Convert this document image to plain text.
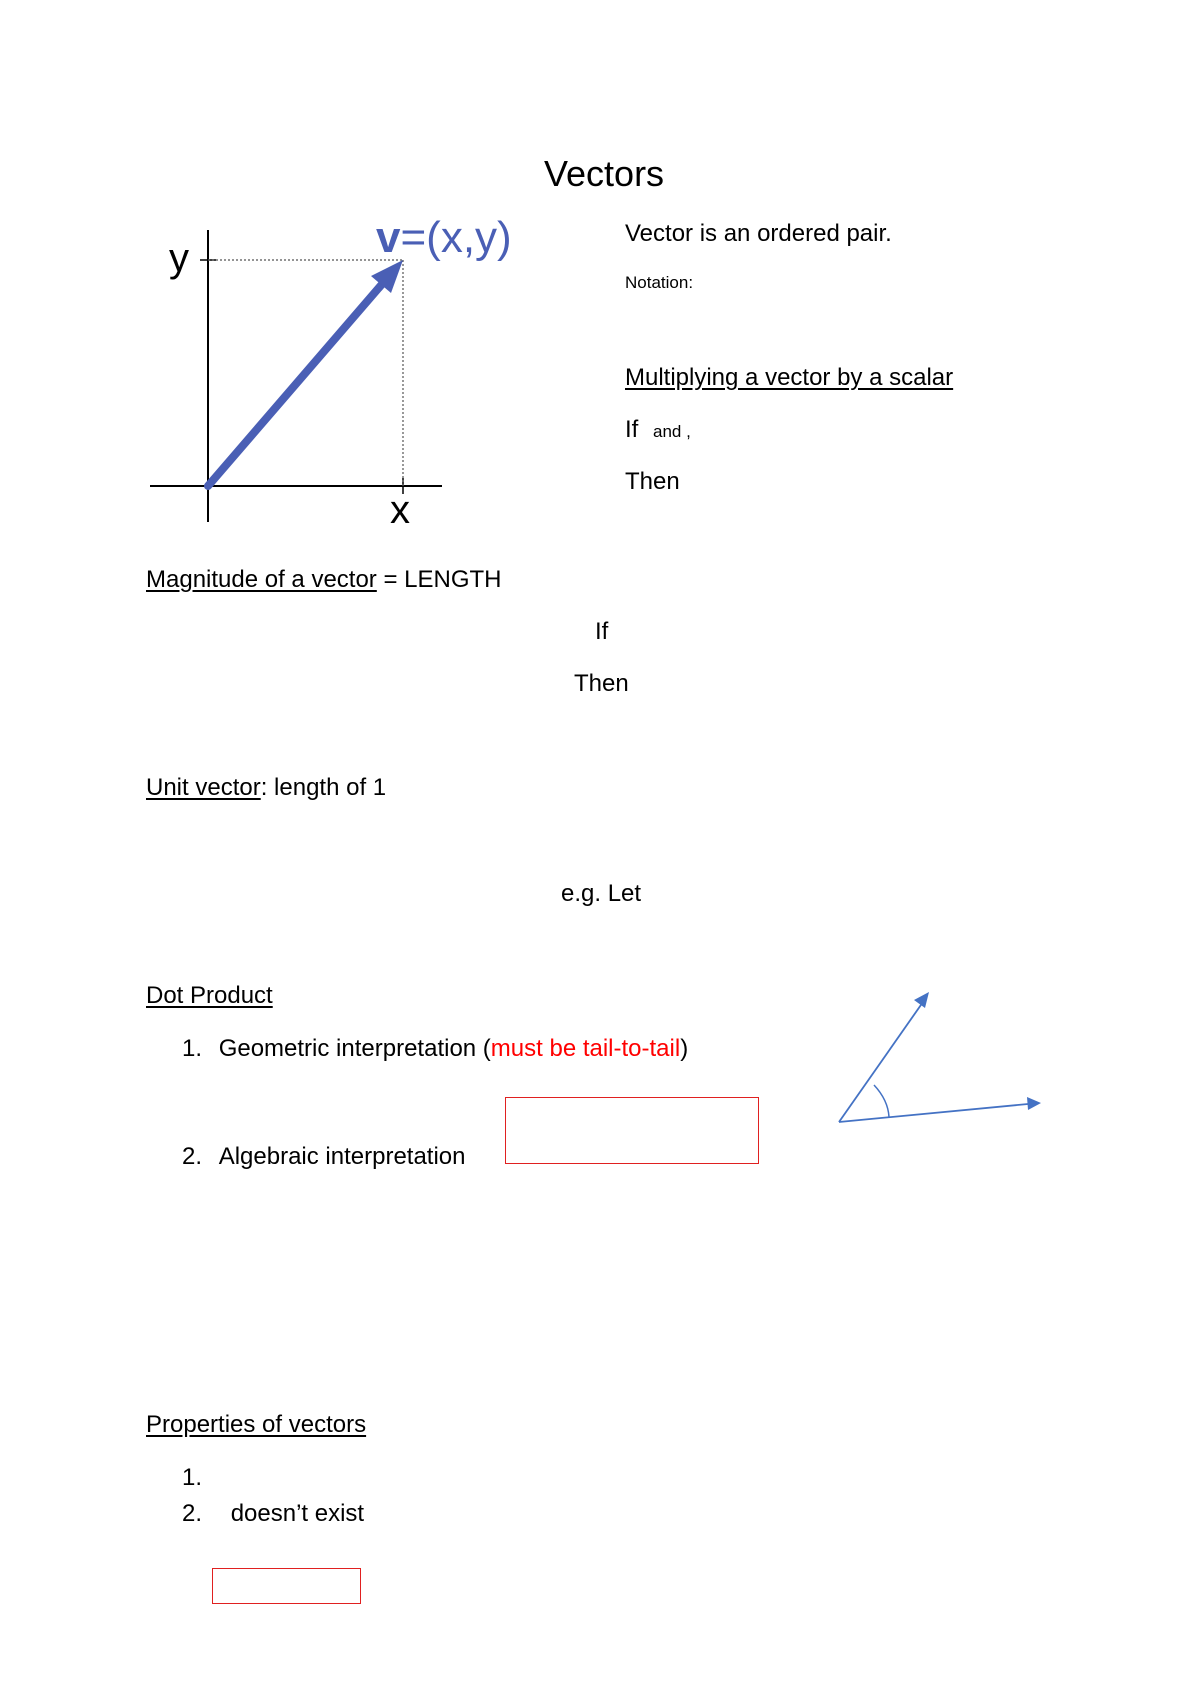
Vectors
y
x
v=(x,y)	Vector is an ordered pair.
Notation:
Multiplying a vector by a scalar
If and ,
Then
Magnitude of a vector = LENGTH
If
Then
Unit vector: length of 1
e.g. Let
Dot Product
1. Geometric interpretation (must be tail-to-tail)
2. Algebraic interpretation
Properties of vectors
1.
2. doesn’t exist
